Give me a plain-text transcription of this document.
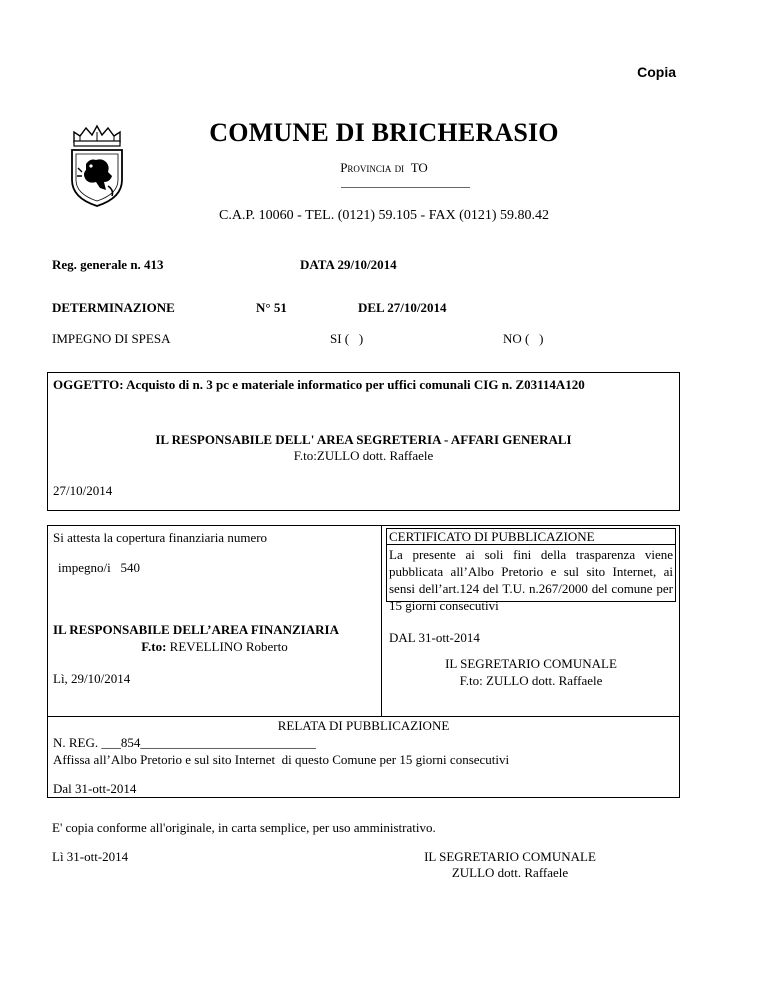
Copia
COMUNE DI BRICHERASIO
Provincia di TO
C.A.P. 10060 - TEL. (0121) 59.105 - FAX (0121) 59.80.42
Reg. generale n. 413	DATA 29/10/2014
DETERMINAZIONE	N° 51	DEL 27/10/2014
IMPEGNO DI SPESA	SI (   )	NO (   )
OGGETTO: Acquisto di n. 3 pc e materiale informatico per uffici comunali CIG n. Z03114A120
IL RESPONSABILE DELL' AREA SEGRETERIA - AFFARI GENERALI
F.to:ZULLO dott. Raffaele
27/10/2014
Si attesta la copertura finanziaria numero
impegno/i   540
IL RESPONSABILE DELL’AREA FINANZIARIA
F.to: REVELLINO Roberto
Lì, 29/10/2014
CERTIFICATO DI PUBBLICAZIONE
La presente ai soli fini della trasparenza viene pubblicata all’Albo Pretorio e sul sito Internet, ai sensi dell’art.124 del T.U. n.267/2000 del comune per 15 giorni consecutivi
DAL 31-ott-2014
IL SEGRETARIO COMUNALE
F.to: ZULLO dott. Raffaele
RELATA DI PUBBLICAZIONE
N. REG. ___854___________________________
Affissa all’Albo Pretorio e sul sito Internet  di questo Comune per 15 giorni consecutivi
Dal 31-ott-2014
E' copia conforme all'originale, in carta semplice, per uso amministrativo.
Lì 31-ott-2014	IL SEGRETARIO COMUNALE
ZULLO dott. Raffaele
